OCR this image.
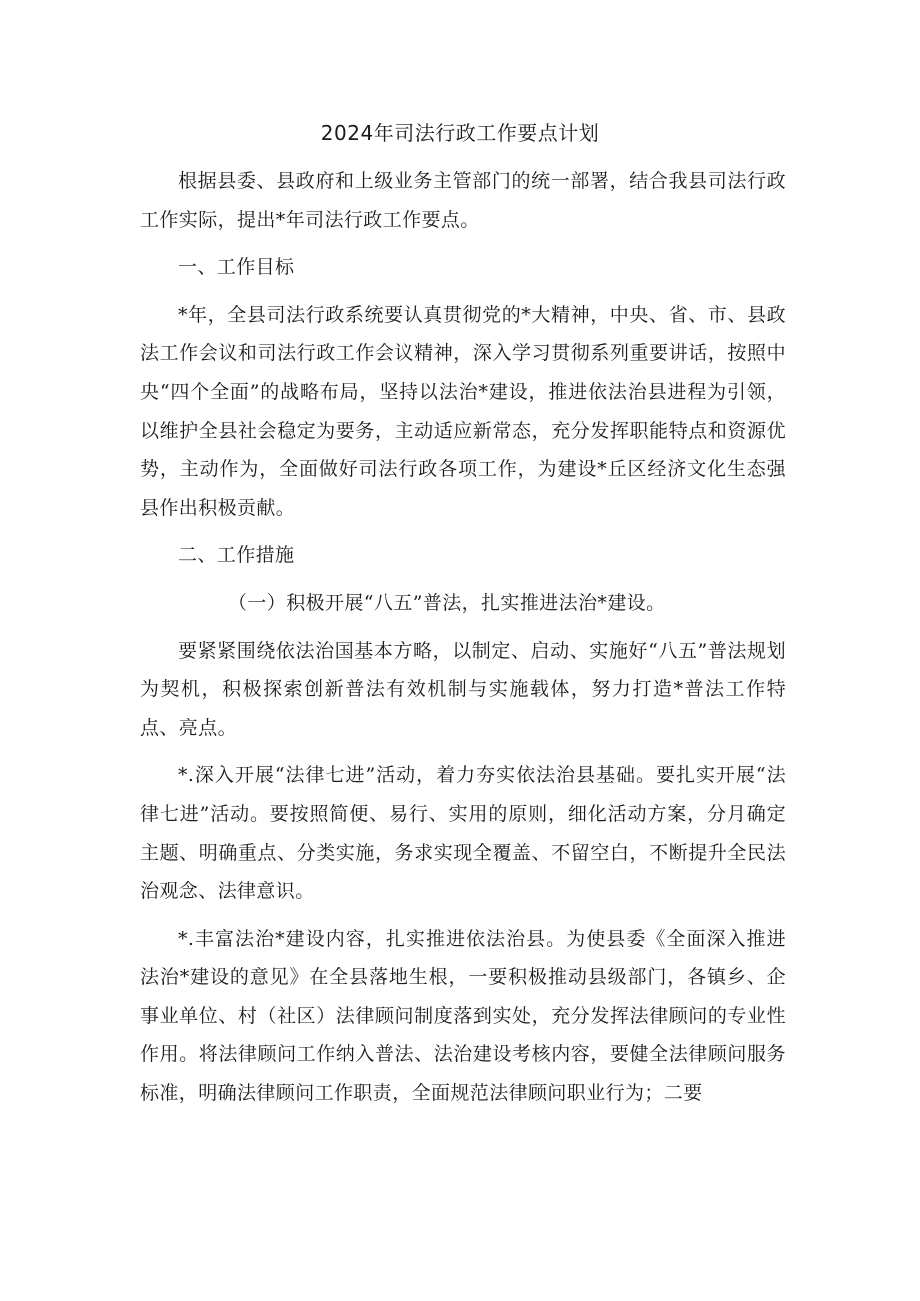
2024年司法行政工作要点计划

根据县委、县政府和上级业务主管部门的统一部署，结合我县司法行政工作实际，提出*年司法行政工作要点。

一、工作目标

*年，全县司法行政系统要认真贯彻党的*大精神，中央、省、市、县政法工作会议和司法行政工作会议精神，深入学习贯彻系列重要讲话，按照中央“四个全面”的战略布局，坚持以法治*建设，推进依法治县进程为引领，以维护全县社会稳定为要务，主动适应新常态，充分发挥职能特点和资源优势，主动作为，全面做好司法行政各项工作，为建设*丘区经济文化生态强县作出积极贡献。

二、工作措施

（一）积极开展“八五”普法，扎实推进法治*建设。

要紧紧围绕依法治国基本方略，以制定、启动、实施好“八五”普法规划为契机，积极探索创新普法有效机制与实施载体，努力打造*普法工作特点、亮点。

*.深入开展“法律七进”活动，着力夯实依法治县基础。要扎实开展“法律七进”活动。要按照简便、易行、实用的原则，细化活动方案，分月确定主题、明确重点、分类实施，务求实现全覆盖、不留空白，不断提升全民法治观念、法律意识。

*.丰富法治*建设内容，扎实推进依法治县。为使县委《全面深入推进法治*建设的意见》在全县落地生根，一要积极推动县级部门，各镇乡、企事业单位、村（社区）法律顾问制度落到实处，充分发挥法律顾问的专业性作用。将法律顾问工作纳入普法、法治建设考核内容，要健全法律顾问服务标准，明确法律顾问工作职责，全面规范法律顾问职业行为；二要
